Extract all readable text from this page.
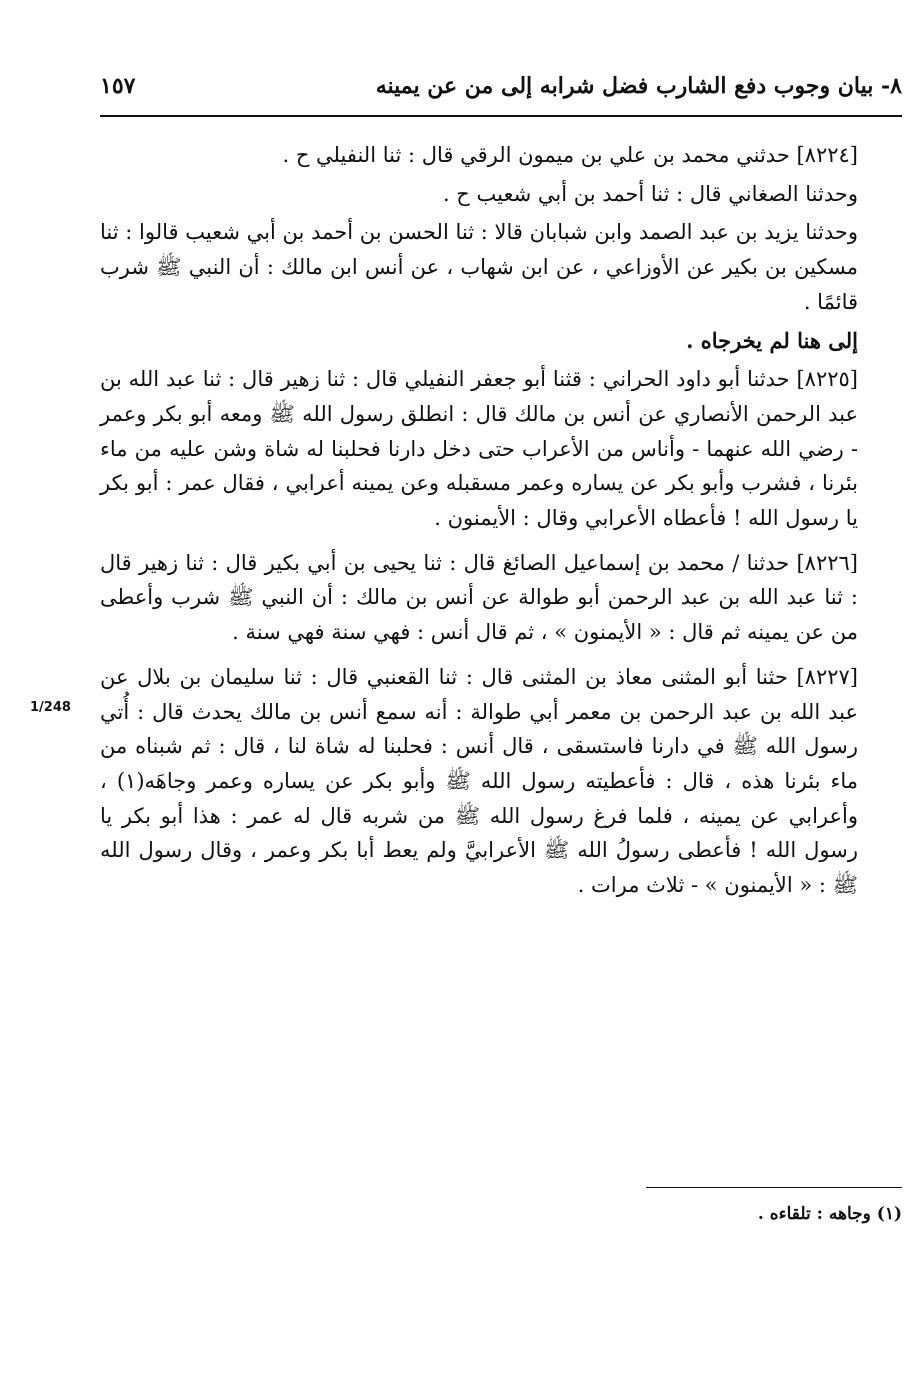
٨- بيان وجوب دفع الشارب فضل شرابه إلى من عن يمينه
١٥٧
1/248

[٨٢٢٤] حدثني محمد بن علي بن ميمون الرقي قال : ثنا النفيلي ح .

وحدثنا الصغاني قال : ثنا أحمد بن أبي شعيب ح .

وحدثنا يزيد بن عبد الصمد وابن شبابان قالا : ثنا الحسن بن أحمد بن أبي شعيب قالوا : ثنا مسكين بن بكير عن الأوزاعي ، عن ابن شهاب ، عن أنس ابن مالك : أن النبي ﷺ شرب قائمًا .

إلى هنا لم يخرجاه .

[٨٢٢٥] حدثنا أبو داود الحراني : قثنا أبو جعفر النفيلي قال : ثنا زهير قال : ثنا عبد الله بن عبد الرحمن الأنصاري عن أنس بن مالك قال : انطلق رسول الله ﷺ ومعه أبو بكر وعمر - رضي الله عنهما - وأناس من الأعراب حتى دخل دارنا فحلبنا له شاة وشن عليه من ماء بئرنا ، فشرب وأبو بكر عن يساره وعمر مسقبله وعن يمينه أعرابي ، فقال عمر : أبو بكر يا رسول الله ! فأعطاه الأعرابي وقال : الأيمنون .

[٨٢٢٦] حدثنا / محمد بن إسماعيل الصائغ قال : ثنا يحيى بن أبي بكير قال : ثنا زهير قال : ثنا عبد الله بن عبد الرحمن أبو طوالة عن أنس بن مالك : أن النبي ﷺ شرب وأعطى من عن يمينه ثم قال : « الأيمنون » ، ثم قال أنس : فهي سنة فهي سنة .

[٨٢٢٧] حثنا أبو المثنى معاذ بن المثنى قال : ثنا القعنبي قال : ثنا سليمان بن بلال عن عبد الله بن عبد الرحمن بن معمر أبي طوالة : أنه سمع أنس بن مالك يحدث قال : أُتي رسول الله ﷺ في دارنا فاستسقى ، قال أنس : فحلبنا له شاة لنا ، قال : ثم شبناه من ماء بئرنا هذه ، قال : فأعطيته رسول الله ﷺ وأبو بكر عن يساره وعمر وجاهَه(١) ، وأعرابي عن يمينه ، فلما فرغ رسول الله ﷺ من شربه قال له عمر : هذا أبو بكر يا رسول الله ! فأعطى رسولُ الله ﷺ الأعرابيَّ ولم يعط أبا بكر وعمر ، وقال رسول الله ﷺ : « الأيمنون » - ثلاث مرات .

(١) وجاهه : تلقاءه .
